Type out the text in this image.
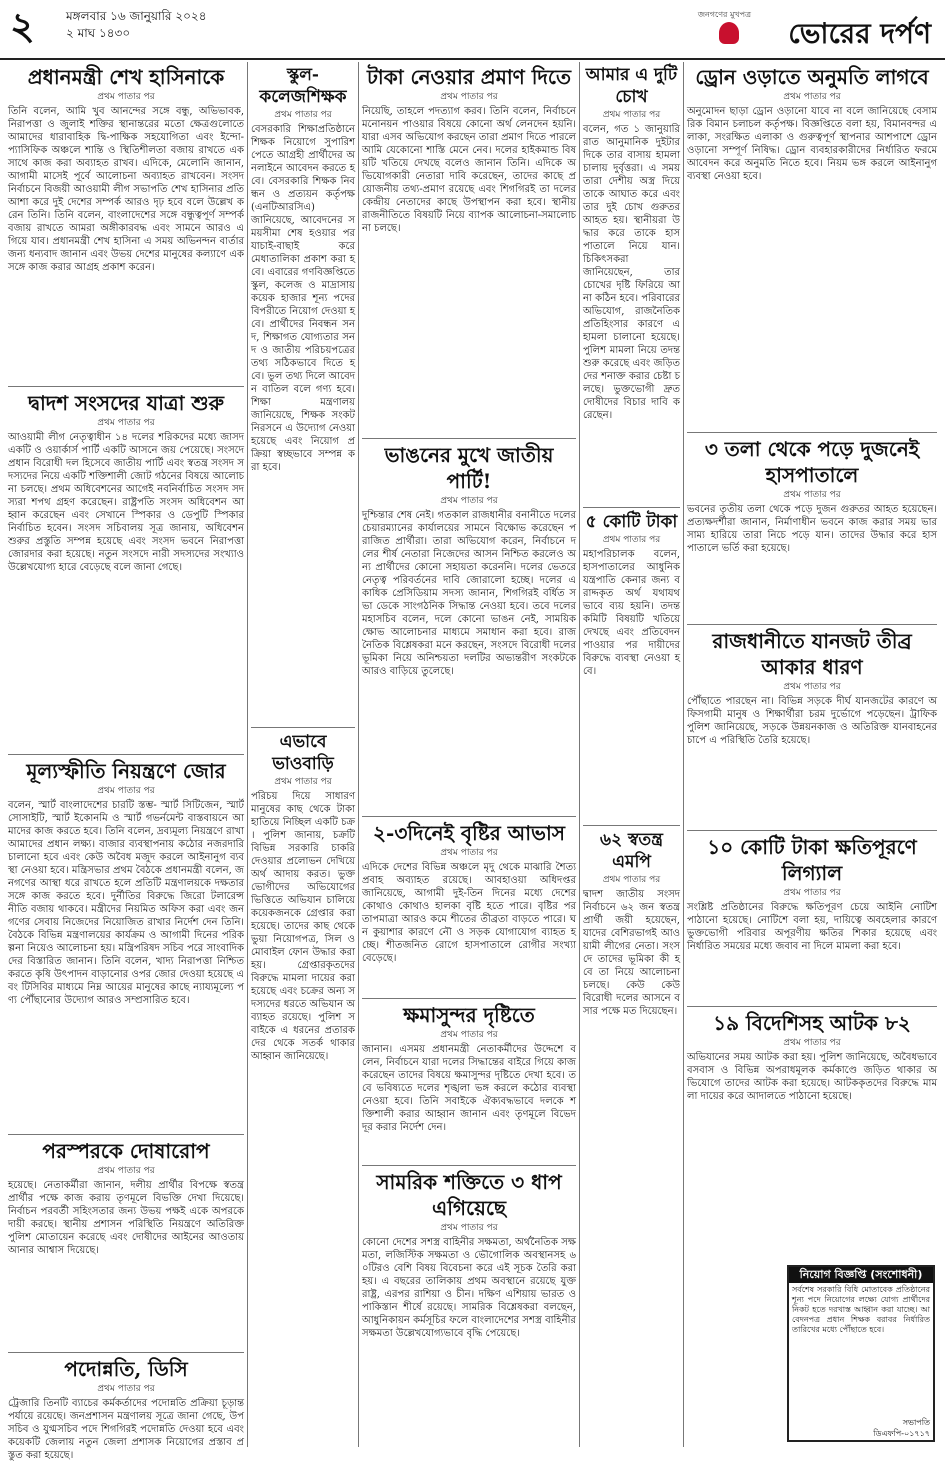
২	মঙ্গলবার ১৬ জানুয়ারি ২০২৪
২ মাঘ ১৪৩০
জনগণের মুখপত্র
ভোরের দর্পণ

প্রধানমন্ত্রী শেখ হাসিনাকে

প্রথম পাতার পর

তিনি বলেন, আমি খুব আনন্দের সঙ্গে বন্ধু, অভিভাবক, নিরাপত্তা ও জুলাই শক্তির স্থানান্তরের মতো ক্ষেত্রগুলোতে আমাদের ধারাবাহিক দ্বি-পাক্ষিক সহযোগিতা এবং ইন্দো-প্যাসিফিক অঞ্চলে শান্তি ও স্থিতিশীলতা বজায় রাখতে একসাথে কাজ করা অব্যাহত রাখব। এদিকে, মেলোনি জানান, আগামী মাসেই পূর্বে আলোচনা অব্যাহত রাখবেন। সংসদ নির্বাচনে বিজয়ী আওয়ামী লীগ সভাপতি শেখ হাসিনার প্রতি আশা করে দুই দেশের সম্পর্ক আরও দৃঢ় হবে বলে উল্লেখ করেন তিনি। তিনি বলেন, বাংলাদেশের সঙ্গে বন্ধুত্বপূর্ণ সম্পর্ক বজায় রাখতে আমরা অঙ্গীকারবদ্ধ এবং সামনে আরও এগিয়ে যাব। প্রধানমন্ত্রী শেখ হাসিনা এ সময় অভিনন্দন বার্তার জন্য ধন্যবাদ জানান এবং উভয় দেশের মানুষের কল্যাণে একসঙ্গে কাজ করার আগ্রহ প্রকাশ করেন।

দ্বাদশ সংসদের যাত্রা শুরু

প্রথম পাতার পর

আওয়ামী লীগ নেতৃত্বাধীন ১৪ দলের শরিকদের মধ্যে জাসদ একটি ও ওয়ার্কার্স পার্টি একটি আসনে জয় পেয়েছে। সংসদে প্রধান বিরোধী দল হিসেবে জাতীয় পার্টি এবং স্বতন্ত্র সংসদ সদস্যদের নিয়ে একটি শক্তিশালী জোট গঠনের বিষয়ে আলোচনা চলছে। প্রথম অধিবেশনের আগেই নবনির্বাচিত সংসদ সদস্যরা শপথ গ্রহণ করেছেন। রাষ্ট্রপতি সংসদ অধিবেশন আহ্বান করেছেন এবং সেখানে স্পিকার ও ডেপুটি স্পিকার নির্বাচিত হবেন। সংসদ সচিবালয় সূত্র জানায়, অধিবেশন শুরুর প্রস্তুতি সম্পন্ন হয়েছে এবং সংসদ ভবনে নিরাপত্তা জোরদার করা হয়েছে। নতুন সংসদে নারী সদস্যদের সংখ্যাও উল্লেখযোগ্য হারে বেড়েছে বলে জানা গেছে।

মূল্যস্ফীতি নিয়ন্ত্রণে জোর

প্রথম পাতার পর

বলেন, স্মার্ট বাংলাদেশের চারটি স্তম্ভ- স্মার্ট সিটিজেন, স্মার্ট সোসাইটি, স্মার্ট ইকোনমি ও স্মার্ট গভর্নমেন্ট বাস্তবায়নে আমাদের কাজ করতে হবে। তিনি বলেন, দ্রব্যমূল্য নিয়ন্ত্রণে রাখা আমাদের প্রধান লক্ষ্য। বাজার ব্যবস্থাপনায় কঠোর নজরদারি চালানো হবে এবং কেউ অবৈধ মজুদ করলে আইনানুগ ব্যবস্থা নেওয়া হবে। মন্ত্রিসভার প্রথম বৈঠকে প্রধানমন্ত্রী বলেন, জনগণের আস্থা ধরে রাখতে হলে প্রতিটি মন্ত্রণালয়কে দক্ষতার সঙ্গে কাজ করতে হবে। দুর্নীতির বিরুদ্ধে জিরো টলারেন্স নীতি বজায় থাকবে। মন্ত্রীদের নিয়মিত অফিস করা এবং জনগণের সেবায় নিজেদের নিয়োজিত রাখার নির্দেশ দেন তিনি। বৈঠকে বিভিন্ন মন্ত্রণালয়ের কার্যক্রম ও আগামী দিনের পরিকল্পনা নিয়েও আলোচনা হয়। মন্ত্রিপরিষদ সচিব পরে সাংবাদিকদের বিস্তারিত জানান। তিনি বলেন, খাদ্য নিরাপত্তা নিশ্চিত করতে কৃষি উৎপাদন বাড়ানোর ওপর জোর দেওয়া হয়েছে এবং টিসিবির মাধ্যমে নিম্ন আয়ের মানুষের কাছে ন্যায্যমূল্যে পণ্য পৌঁছানোর উদ্যোগ আরও সম্প্রসারিত হবে।

পরস্পরকে দোষারোপ

প্রথম পাতার পর

হয়েছে। নেতাকর্মীরা জানান, দলীয় প্রার্থীর বিপক্ষে স্বতন্ত্র প্রার্থীর পক্ষে কাজ করায় তৃণমূলে বিভক্তি দেখা দিয়েছে। নির্বাচন পরবর্তী সহিংসতার জন্য উভয় পক্ষই একে অপরকে দায়ী করছে। স্থানীয় প্রশাসন পরিস্থিতি নিয়ন্ত্রণে অতিরিক্ত পুলিশ মোতায়েন করেছে এবং দোষীদের আইনের আওতায় আনার আশ্বাস দিয়েছে।

পদোন্নতি, ডিসি

প্রথম পাতার পর

ট্রেজারি তিনটি ব্যাচের কর্মকর্তাদের পদোন্নতি প্রক্রিয়া চূড়ান্ত পর্যায়ে রয়েছে। জনপ্রশাসন মন্ত্রণালয় সূত্রে জানা গেছে, উপসচিব ও যুগ্মসচিব পদে শিগগিরই পদোন্নতি দেওয়া হবে এবং কয়েকটি জেলায় নতুন জেলা প্রশাসক নিয়োগের প্রস্তাব প্রস্তুত করা হয়েছে।

স্কুল-কলেজশিক্ষক

প্রথম পাতার পর

বেসরকারি শিক্ষাপ্রতিষ্ঠানে শিক্ষক নিয়োগে সুপারিশ পেতে আগ্রহী প্রার্থীদের অনলাইনে আবেদন করতে হবে। বেসরকারি শিক্ষক নিবন্ধন ও প্রত্যয়ন কর্তৃপক্ষ (এনটিআরসিএ) জানিয়েছে, আবেদনের সময়সীমা শেষ হওয়ার পর যাচাই-বাছাই করে মেধাতালিকা প্রকাশ করা হবে। এবারের গণবিজ্ঞপ্তিতে স্কুল, কলেজ ও মাদ্রাসায় কয়েক হাজার শূন্য পদের বিপরীতে নিয়োগ দেওয়া হবে। প্রার্থীদের নিবন্ধন সনদ, শিক্ষাগত যোগ্যতার সনদ ও জাতীয় পরিচয়পত্রের তথ্য সঠিকভাবে দিতে হবে। ভুল তথ্য দিলে আবেদন বাতিল বলে গণ্য হবে। শিক্ষা মন্ত্রণালয় জানিয়েছে, শিক্ষক সংকট নিরসনে এ উদ্যোগ নেওয়া হয়েছে এবং নিয়োগ প্রক্রিয়া স্বচ্ছভাবে সম্পন্ন করা হবে।

এভাবে ভাওবাড়ি

প্রথম পাতার পর

পরিচয় দিয়ে সাধারণ মানুষের কাছ থেকে টাকা হাতিয়ে নিচ্ছিল একটি চক্র। পুলিশ জানায়, চক্রটি বিভিন্ন সরকারি চাকরি দেওয়ার প্রলোভন দেখিয়ে অর্থ আদায় করত। ভুক্তভোগীদের অভিযোগের ভিত্তিতে অভিযান চালিয়ে কয়েকজনকে গ্রেপ্তার করা হয়েছে। তাদের কাছ থেকে ভুয়া নিয়োগপত্র, সিল ও মোবাইল ফোন উদ্ধার করা হয়। গ্রেপ্তারকৃতদের বিরুদ্ধে মামলা দায়ের করা হয়েছে এবং চক্রের অন্য সদস্যদের ধরতে অভিযান অব্যাহত রয়েছে। পুলিশ সবাইকে এ ধরনের প্রতারকদের থেকে সতর্ক থাকার আহ্বান জানিয়েছে।

টাকা নেওয়ার প্রমাণ দিতে

প্রথম পাতার পর

নিয়েছি, তাহলে পদত্যাগ করব। তিনি বলেন, নির্বাচনে মনোনয়ন পাওয়ার বিষয়ে কোনো অর্থ লেনদেন হয়নি। যারা এসব অভিযোগ করছেন তারা প্রমাণ দিতে পারলে আমি যেকোনো শাস্তি মেনে নেব। দলের হাইকমান্ড বিষয়টি খতিয়ে দেখছে বলেও জানান তিনি। এদিকে অভিযোগকারী নেতারা দাবি করেছেন, তাদের কাছে প্রয়োজনীয় তথ্য-প্রমাণ রয়েছে এবং শিগগিরই তা দলের কেন্দ্রীয় নেতাদের কাছে উপস্থাপন করা হবে। স্থানীয় রাজনীতিতে বিষয়টি নিয়ে ব্যাপক আলোচনা-সমালোচনা চলছে।

ভাঙনের মুখে জাতীয় পার্টি!

প্রথম পাতার পর

দুশ্চিন্তার শেষ নেই। গতকাল রাজধানীর বনানীতে দলের চেয়ারম্যানের কার্যালয়ের সামনে বিক্ষোভ করেছেন পরাজিত প্রার্থীরা। তারা অভিযোগ করেন, নির্বাচনে দলের শীর্ষ নেতারা নিজেদের আসন নিশ্চিত করলেও অন্য প্রার্থীদের কোনো সহায়তা করেননি। দলের ভেতরে নেতৃত্ব পরিবর্তনের দাবি জোরালো হচ্ছে। দলের একাধিক প্রেসিডিয়াম সদস্য জানান, শিগগিরই বর্ধিত সভা ডেকে সাংগঠনিক সিদ্ধান্ত নেওয়া হবে। তবে দলের মহাসচিব বলেন, দলে কোনো ভাঙন নেই, সাময়িক ক্ষোভ আলোচনার মাধ্যমে সমাধান করা হবে। রাজনৈতিক বিশ্লেষকরা মনে করছেন, সংসদে বিরোধী দলের ভূমিকা নিয়ে অনিশ্চয়তা দলটির অভ্যন্তরীণ সংকটকে আরও বাড়িয়ে তুলেছে।

২-৩দিনেই বৃষ্টির আভাস

প্রথম পাতার পর

এদিকে দেশের বিভিন্ন অঞ্চলে মৃদু থেকে মাঝারি শৈত্যপ্রবাহ অব্যাহত রয়েছে। আবহাওয়া অধিদপ্তর জানিয়েছে, আগামী দুই-তিন দিনের মধ্যে দেশের কোথাও কোথাও হালকা বৃষ্টি হতে পারে। বৃষ্টির পর তাপমাত্রা আরও কমে শীতের তীব্রতা বাড়তে পারে। ঘন কুয়াশার কারণে নৌ ও সড়ক যোগাযোগ ব্যাহত হচ্ছে। শীতজনিত রোগে হাসপাতালে রোগীর সংখ্যা বেড়েছে।

ক্ষমাসুন্দর দৃষ্টিতে

প্রথম পাতার পর

জানান। এসময় প্রধানমন্ত্রী নেতাকর্মীদের উদ্দেশে বলেন, নির্বাচনে যারা দলের সিদ্ধান্তের বাইরে গিয়ে কাজ করেছেন তাদের বিষয়ে ক্ষমাসুন্দর দৃষ্টিতে দেখা হবে। তবে ভবিষ্যতে দলের শৃঙ্খলা ভঙ্গ করলে কঠোর ব্যবস্থা নেওয়া হবে। তিনি সবাইকে ঐক্যবদ্ধভাবে দলকে শক্তিশালী করার আহ্বান জানান এবং তৃণমূলে বিভেদ দূর করার নির্দেশ দেন।

সামরিক শক্তিতে ৩ ধাপ এগিয়েছে

প্রথম পাতার পর

কোনো দেশের সশস্ত্র বাহিনীর সক্ষমতা, অর্থনৈতিক সক্ষমতা, লজিস্টিক সক্ষমতা ও ভৌগোলিক অবস্থানসহ ৬০টিরও বেশি বিষয় বিবেচনা করে এই সূচক তৈরি করা হয়। এ বছরের তালিকায় প্রথম অবস্থানে রয়েছে যুক্তরাষ্ট্র, এরপর রাশিয়া ও চীন। দক্ষিণ এশিয়ায় ভারত ও পাকিস্তান শীর্ষে রয়েছে। সামরিক বিশ্লেষকরা বলছেন, আধুনিকায়ন কর্মসূচির ফলে বাংলাদেশের সশস্ত্র বাহিনীর সক্ষমতা উল্লেখযোগ্যভাবে বৃদ্ধি পেয়েছে।

আমার এ দুটি চোখ

প্রথম পাতার পর

বলেন, গত ১ জানুয়ারি রাত আনুমানিক দুইটার দিকে তার বাসায় হামলা চালায় দুর্বৃত্তরা। এ সময় তারা দেশীয় অস্ত্র দিয়ে তাকে আঘাত করে এবং তার দুই চোখ গুরুতর আহত হয়। স্থানীয়রা উদ্ধার করে তাকে হাসপাতালে নিয়ে যান। চিকিৎসকরা জানিয়েছেন, তার চোখের দৃষ্টি ফিরিয়ে আনা কঠিন হবে। পরিবারের অভিযোগ, রাজনৈতিক প্রতিহিংসার কারণে এ হামলা চালানো হয়েছে। পুলিশ মামলা নিয়ে তদন্ত শুরু করেছে এবং জড়িতদের শনাক্ত করার চেষ্টা চলছে। ভুক্তভোগী দ্রুত দোষীদের বিচার দাবি করেছেন।

৫ কোটি টাকা

প্রথম পাতার পর

মহাপরিচালক বলেন, হাসপাতালের আধুনিক যন্ত্রপাতি কেনার জন্য বরাদ্দকৃত অর্থ যথাযথভাবে ব্যয় হয়নি। তদন্ত কমিটি বিষয়টি খতিয়ে দেখছে এবং প্রতিবেদন পাওয়ার পর দায়ীদের বিরুদ্ধে ব্যবস্থা নেওয়া হবে।

৬২ স্বতন্ত্র এমপি

প্রথম পাতার পর

দ্বাদশ জাতীয় সংসদ নির্বাচনে ৬২ জন স্বতন্ত্র প্রার্থী জয়ী হয়েছেন, যাদের বেশিরভাগই আওয়ামী লীগের নেতা। সংসদে তাদের ভূমিকা কী হবে তা নিয়ে আলোচনা চলছে। কেউ কেউ বিরোধী দলের আসনে বসার পক্ষে মত দিয়েছেন।

ড্রোন ওড়াতে অনুমতি লাগবে

প্রথম পাতার পর

অনুমোদন ছাড়া ড্রোন ওড়ানো যাবে না বলে জানিয়েছে বেসামরিক বিমান চলাচল কর্তৃপক্ষ। বিজ্ঞপ্তিতে বলা হয়, বিমানবন্দর এলাকা, সংরক্ষিত এলাকা ও গুরুত্বপূর্ণ স্থাপনার আশপাশে ড্রোন ওড়ানো সম্পূর্ণ নিষিদ্ধ। ড্রোন ব্যবহারকারীদের নির্ধারিত ফরমে আবেদন করে অনুমতি নিতে হবে। নিয়ম ভঙ্গ করলে আইনানুগ ব্যবস্থা নেওয়া হবে।

৩ তলা থেকে পড়ে দুজনেই হাসপাতালে

প্রথম পাতার পর

ভবনের তৃতীয় তলা থেকে পড়ে দুজন গুরুতর আহত হয়েছেন। প্রত্যক্ষদর্শীরা জানান, নির্মাণাধীন ভবনে কাজ করার সময় ভারসাম্য হারিয়ে তারা নিচে পড়ে যান। তাদের উদ্ধার করে হাসপাতালে ভর্তি করা হয়েছে।

রাজধানীতে যানজট তীব্র আকার ধারণ

প্রথম পাতার পর

পৌঁছাতে পারছেন না। বিভিন্ন সড়কে দীর্ঘ যানজটের কারণে অফিসগামী মানুষ ও শিক্ষার্থীরা চরম দুর্ভোগে পড়েছেন। ট্রাফিক পুলিশ জানিয়েছে, সড়কে উন্নয়নকাজ ও অতিরিক্ত যানবাহনের চাপে এ পরিস্থিতি তৈরি হয়েছে।

১০ কোটি টাকা ক্ষতিপূরণে লিগ্যাল

প্রথম পাতার পর

সংশ্লিষ্ট প্রতিষ্ঠানের বিরুদ্ধে ক্ষতিপূরণ চেয়ে আইনি নোটিশ পাঠানো হয়েছে। নোটিশে বলা হয়, দায়িত্বে অবহেলার কারণে ভুক্তভোগী পরিবার অপূরণীয় ক্ষতির শিকার হয়েছে এবং নির্ধারিত সময়ের মধ্যে জবাব না দিলে মামলা করা হবে।

১৯ বিদেশিসহ আটক ৮২

প্রথম পাতার পর

অভিযানের সময় আটক করা হয়। পুলিশ জানিয়েছে, অবৈধভাবে বসবাস ও বিভিন্ন অপরাধমূলক কর্মকাণ্ডে জড়িত থাকার অভিযোগে তাদের আটক করা হয়েছে। আটককৃতদের বিরুদ্ধে মামলা দায়ের করে আদালতে পাঠানো হয়েছে।

নিয়োগ বিজ্ঞপ্তি (সংশোধনী)
সর্বশেষ সরকারি বিধি মোতাবেক প্রতিষ্ঠানের শূন্য পদে নিয়োগের লক্ষ্যে যোগ্য প্রার্থীদের নিকট হতে দরখাস্ত আহ্বান করা যাচ্ছে। আবেদনপত্র প্রধান শিক্ষক বরাবর নির্ধারিত তারিখের মধ্যে পৌঁছাতে হবে।
সভাপতি
ডিএফপি-০১৭১৭
